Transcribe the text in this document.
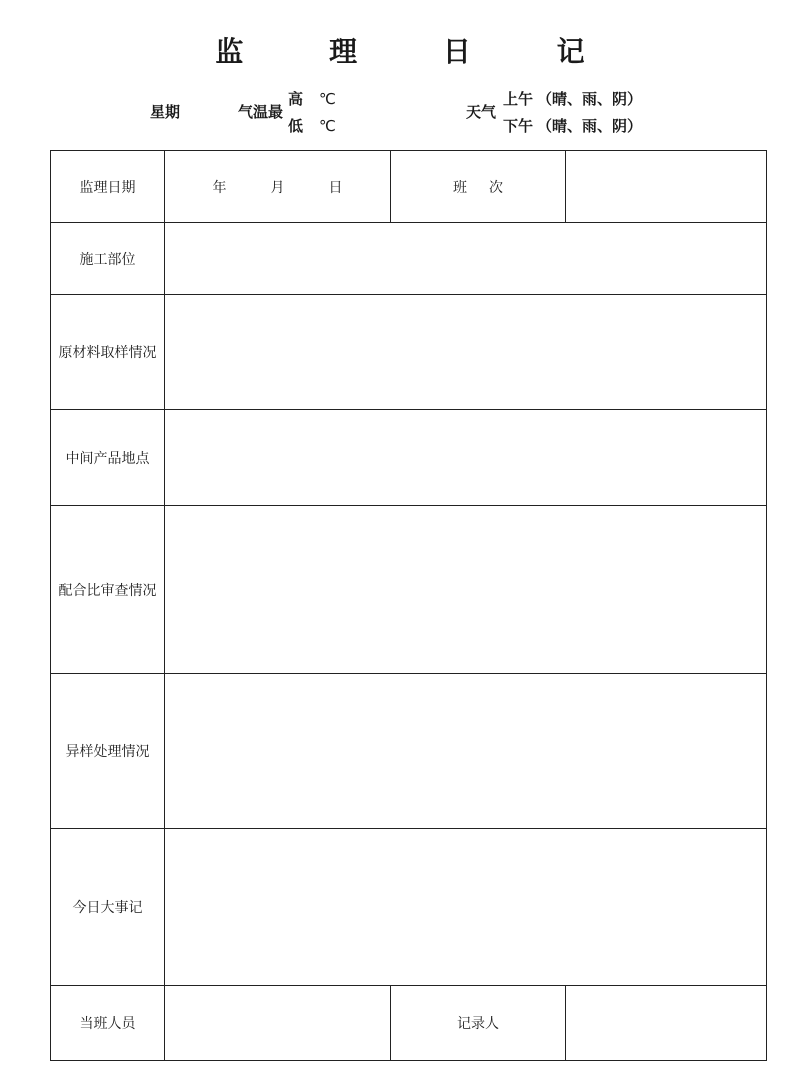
监 理 日 记
星期	气温最
高 ℃
低 ℃
天气
上午 （晴、雨、阴）
下午 （晴、雨、阴）
监理日期	年 月 日	班次	
施工部位			
原材料取样情况			
中间产品地点			
配合比审查情况			
异样处理情况			
今日大事记			
当班人员		记录人	
